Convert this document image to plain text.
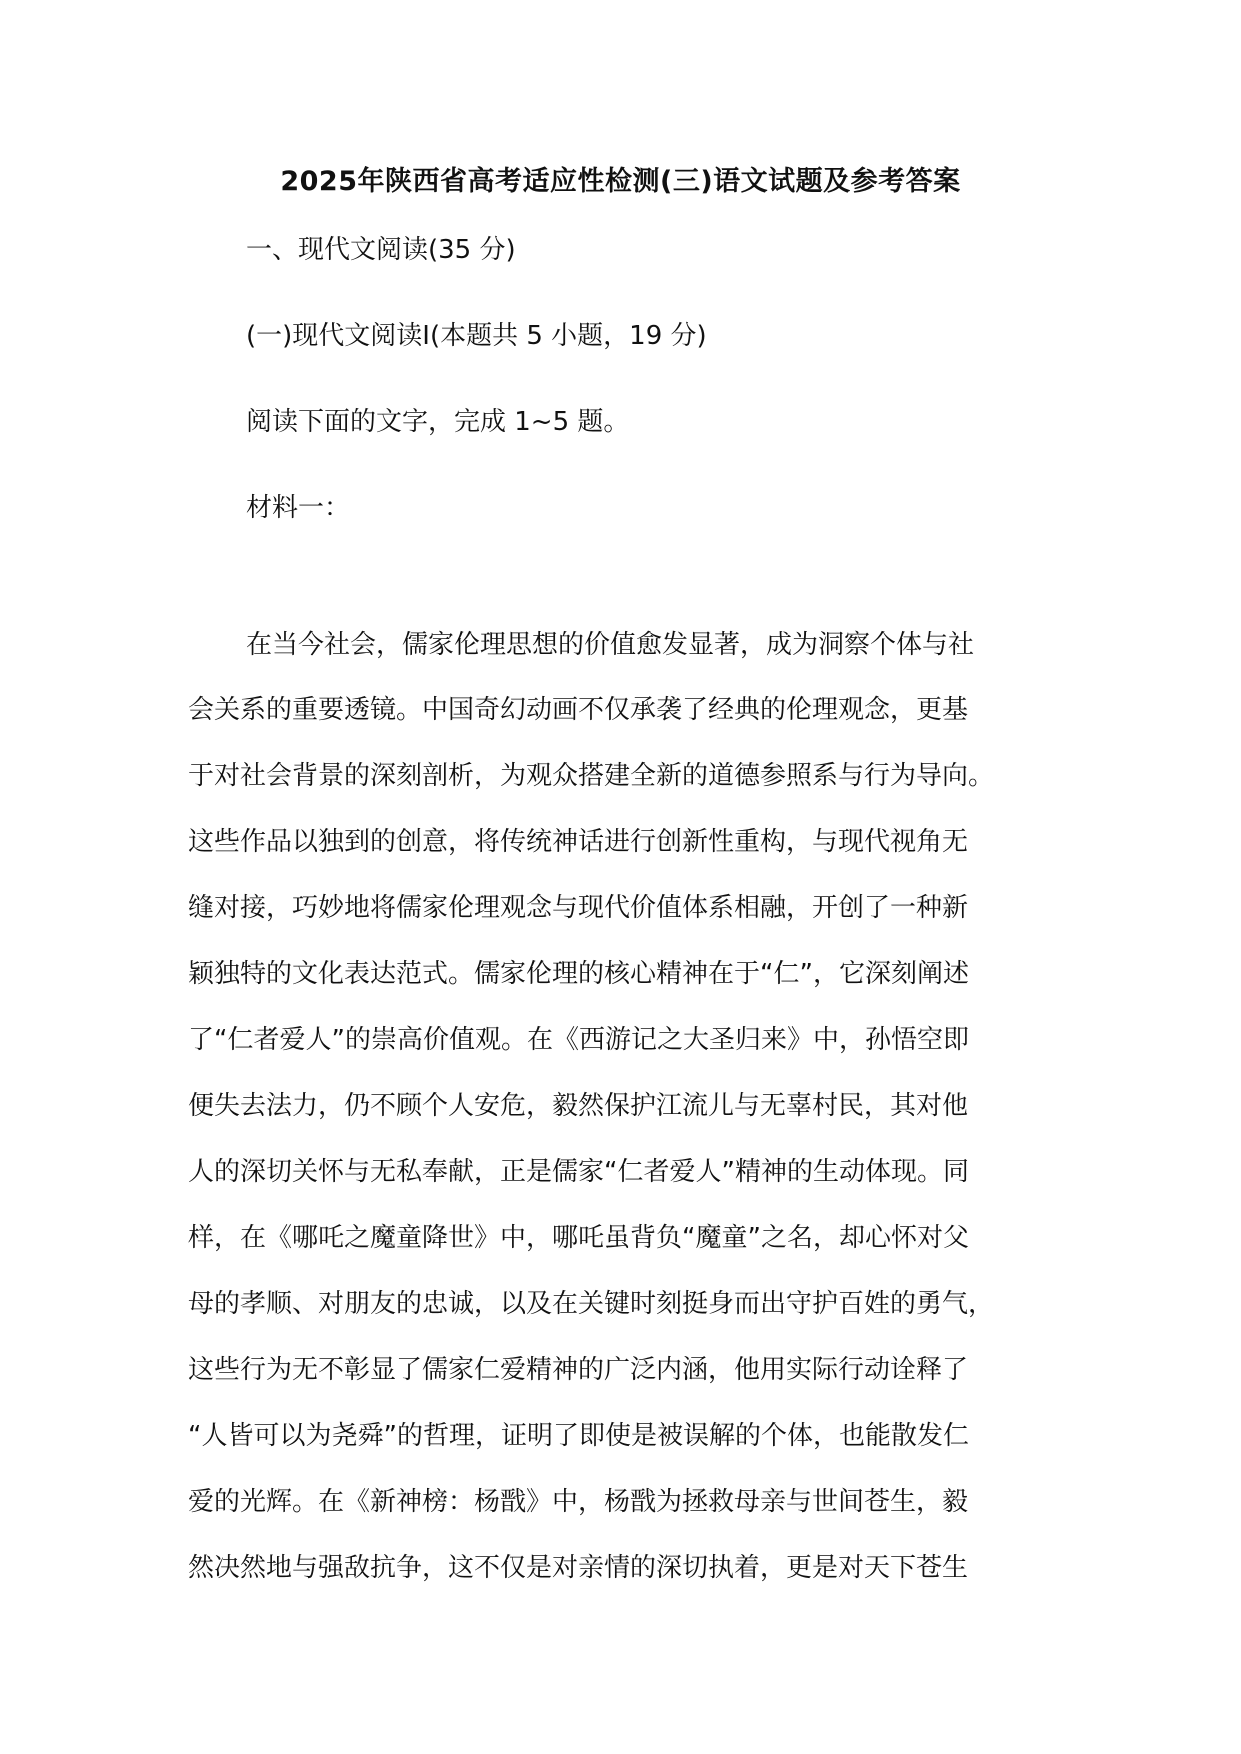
2025年陕西省高考适应性检测(三)语文试题及参考答案
一、现代文阅读(35 分)
(一)现代文阅读Ⅰ(本题共 5 小题，19 分)
阅读下面的文字，完成 1~5 题。
材料一：
在当今社会，儒家伦理思想的价值愈发显著，成为洞察个体与社
会关系的重要透镜。中国奇幻动画不仅承袭了经典的伦理观念，更基
于对社会背景的深刻剖析，为观众搭建全新的道德参照系与行为导向。
这些作品以独到的创意，将传统神话进行创新性重构，与现代视角无
缝对接，巧妙地将儒家伦理观念与现代价值体系相融，开创了一种新
颖独特的文化表达范式。儒家伦理的核心精神在于“仁”，它深刻阐述
了“仁者爱人”的崇高价值观。在《西游记之大圣归来》中，孙悟空即
便失去法力，仍不顾个人安危，毅然保护江流儿与无辜村民，其对他
人的深切关怀与无私奉献，正是儒家“仁者爱人”精神的生动体现。同
样，在《哪吒之魔童降世》中，哪吒虽背负“魔童”之名，却心怀对父
母的孝顺、对朋友的忠诚，以及在关键时刻挺身而出守护百姓的勇气，
这些行为无不彰显了儒家仁爱精神的广泛内涵，他用实际行动诠释了
“人皆可以为尧舜”的哲理，证明了即使是被误解的个体，也能散发仁
爱的光辉。在《新神榜：杨戬》中，杨戬为拯救母亲与世间苍生，毅
然决然地与强敌抗争，这不仅是对亲情的深切执着，更是对天下苍生
